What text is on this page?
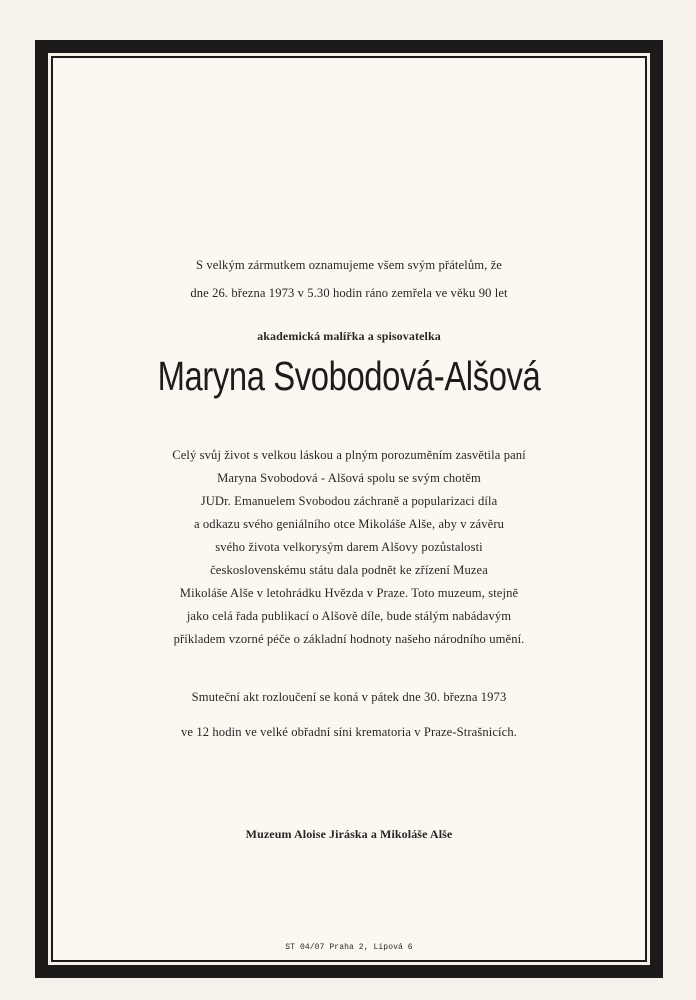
S velkým zármutkem oznamujeme všem svým přátelům, že
dne 26. března 1973 v 5.30 hodin ráno zemřela ve věku 90 let
akademická malířka a spisovatelka
Maryna Svobodová-Alšová
Celý svůj život s velkou láskou a plným porozuměním zasvětila paní
Maryna Svobodová - Alšová spolu se svým chotěm
JUDr. Emanuelem Svobodou záchraně a popularizaci díla
a odkazu svého geniálního otce Mikoláše Alše, aby v závěru
svého života velkorysým darem Alšovy pozůstalosti
československému státu dala podnět ke zřízení Muzea
Mikoláše Alše v letohrádku Hvězda v Praze. Toto muzeum, stejně
jako celá řada publikací o Alšově díle, bude stálým nabádavým
příkladem vzorné péče o základní hodnoty našeho národního umění.
Smuteční akt rozloučení se koná v pátek dne 30. března 1973
ve 12 hodin ve velké obřadní síni krematoria v Praze-Strašnicích.
Muzeum Aloise Jiráska a Mikoláše Alše
ST 04/07 Praha 2, Lipová 6
